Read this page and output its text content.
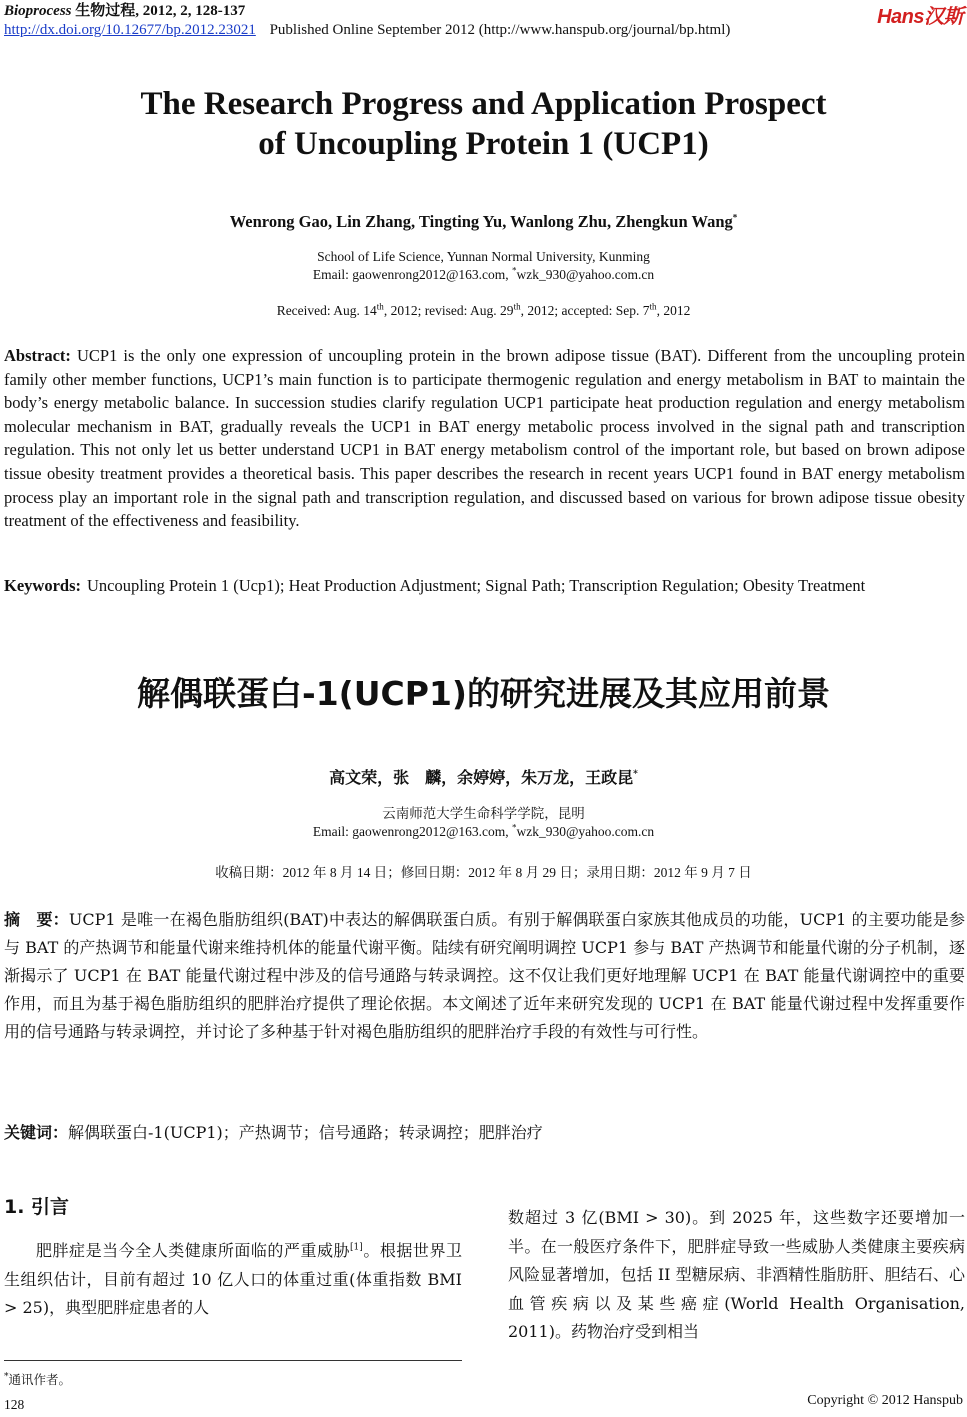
Bioprocess 生物过程, 2012, 2, 128-137
http://dx.doi.org/10.12677/bp.2012.23021 Published Online September 2012 (http://www.hanspub.org/journal/bp.html)
Hans汉斯
The Research Progress and Application Prospect
of Uncoupling Protein 1 (UCP1)
Wenrong Gao, Lin Zhang, Tingting Yu, Wanlong Zhu, Zhengkun Wang*
School of Life Science, Yunnan Normal University, Kunming
Email: gaowenrong2012@163.com, *wzk_930@yahoo.com.cn
Received: Aug. 14th, 2012; revised: Aug. 29th, 2012; accepted: Sep. 7th, 2012
Abstract: UCP1 is the only one expression of uncoupling protein in the brown adipose tissue (BAT). Different from the uncoupling protein family other member functions, UCP1’s main function is to participate thermogenic regulation and energy metabolism in BAT to maintain the body’s energy metabolic balance. In succession studies clarify regulation UCP1 participate heat production regulation and energy metabolism molecular mechanism in BAT, gradually reveals the UCP1 in BAT energy metabolic process involved in the signal path and transcription regulation. This not only let us better understand UCP1 in BAT energy metabolism control of the important role, but based on brown adipose tissue obesity treatment provides a theoretical basis. This paper describes the research in recent years UCP1 found in BAT energy metabolism process play an important role in the signal path and transcription regulation, and discussed based on various for brown adipose tissue obesity treatment of the effectiveness and feasibility.
Keywords: Uncoupling Protein 1 (Ucp1); Heat Production Adjustment; Signal Path; Transcription Regulation; Obesity Treatment
解偶联蛋白-1(UCP1)的研究进展及其应用前景
高文荣，张　麟，余婷婷，朱万龙，王政昆*
云南师范大学生命科学学院，昆明
Email: gaowenrong2012@163.com, *wzk_930@yahoo.com.cn
收稿日期：2012 年 8 月 14 日；修回日期：2012 年 8 月 29 日；录用日期：2012 年 9 月 7 日
摘　要：UCP1 是唯一在褐色脂肪组织(BAT)中表达的解偶联蛋白质。有别于解偶联蛋白家族其他成员的功能，UCP1 的主要功能是参与 BAT 的产热调节和能量代谢来维持机体的能量代谢平衡。陆续有研究阐明调控 UCP1 参与 BAT 产热调节和能量代谢的分子机制，逐渐揭示了 UCP1 在 BAT 能量代谢过程中涉及的信号通路与转录调控。这不仅让我们更好地理解 UCP1 在 BAT 能量代谢调控中的重要作用，而且为基于褐色脂肪组织的肥胖治疗提供了理论依据。本文阐述了近年来研究发现的 UCP1 在 BAT 能量代谢过程中发挥重要作用的信号通路与转录调控，并讨论了多种基于针对褐色脂肪组织的肥胖治疗手段的有效性与可行性。
关键词：解偶联蛋白-1(UCP1)；产热调节；信号通路；转录调控；肥胖治疗
1. 引言
肥胖症是当今全人类健康所面临的严重威胁[1]。根据世界卫生组织估计，目前有超过 10 亿人口的体重过重(体重指数 BMI > 25)，典型肥胖症患者的人
*通讯作者。
数超过 3 亿(BMI > 30)。到 2025 年，这些数字还要增加一半。在一般医疗条件下，肥胖症导致一些威胁人类健康主要疾病风险显著增加，包括 II 型糖尿病、非酒精性脂肪肝、胆结石、心血管疾病以及某些癌症(World Health Organisation, 2011)。药物治疗受到相当
128	Copyright © 2012 Hanspub
